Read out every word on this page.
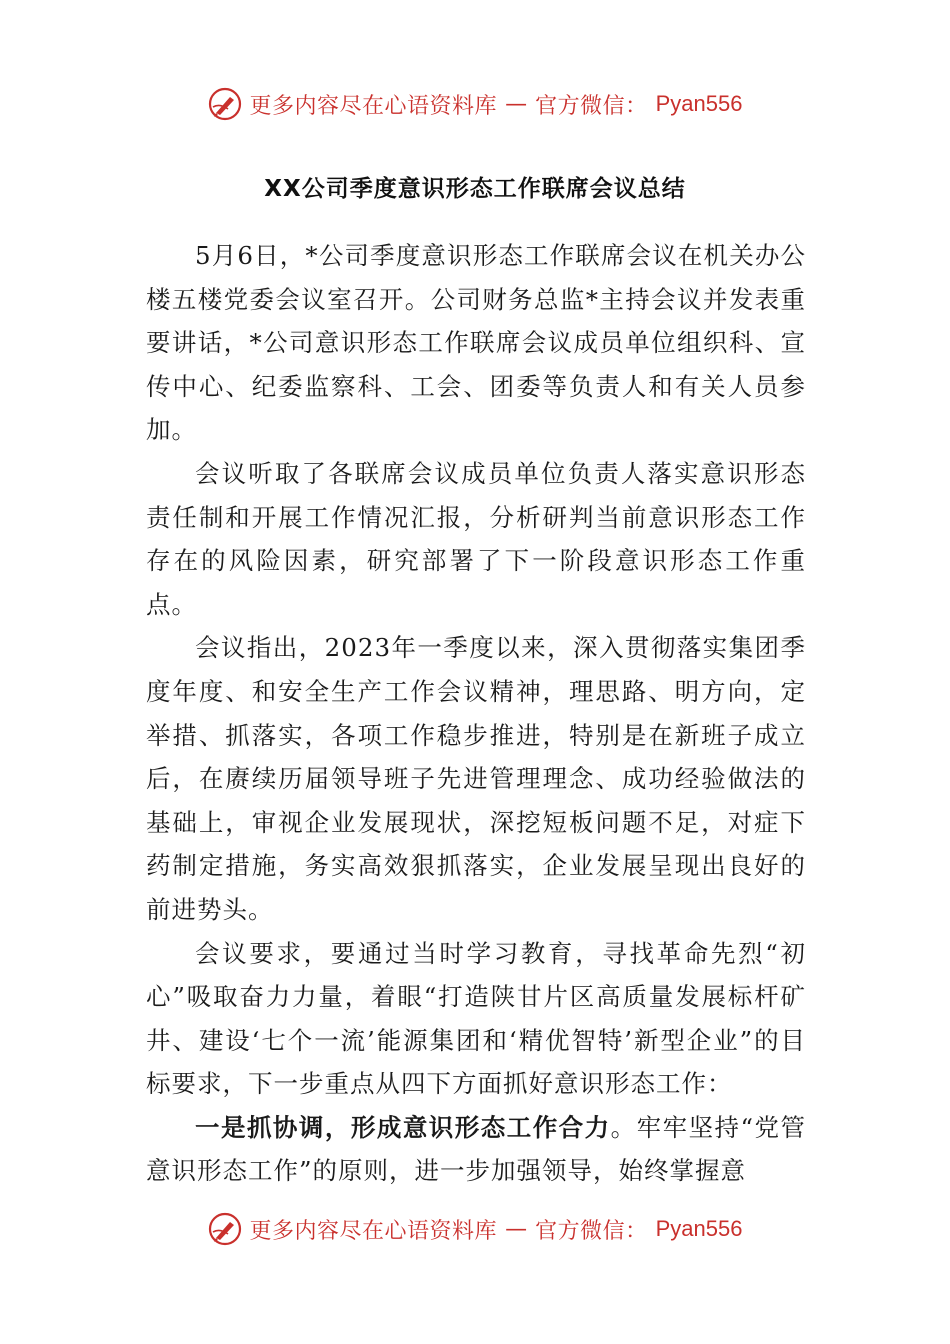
更多内容尽在心语资料库 — 官方微信： Pyan556
XX公司季度意识形态工作联席会议总结

5月6日，*公司季度意识形态工作联席会议在机关办公楼五楼党委会议室召开。公司财务总监*主持会议并发表重要讲话，*公司意识形态工作联席会议成员单位组织科、宣传中心、纪委监察科、工会、团委等负责人和有关人员参加。

会议听取了各联席会议成员单位负责人落实意识形态责任制和开展工作情况汇报，分析研判当前意识形态工作存在的风险因素，研究部署了下一阶段意识形态工作重点。

会议指出，2023年一季度以来，深入贯彻落实集团季度年度、和安全生产工作会议精神，理思路、明方向，定举措、抓落实，各项工作稳步推进，特别是在新班子成立后，在赓续历届领导班子先进管理理念、成功经验做法的基础上，审视企业发展现状，深挖短板问题不足，对症下药制定措施，务实高效狠抓落实，企业发展呈现出良好的前进势头。

会议要求，要通过当时学习教育，寻找革命先烈“初心”吸取奋力力量，着眼“打造陕甘片区高质量发展标杆矿井、建设‘七个一流’能源集团和‘精优智特’新型企业”的目标要求，下一步重点从四下方面抓好意识形态工作：

一是抓协调，形成意识形态工作合力。牢牢坚持“党管意识形态工作”的原则，进一步加强领导，始终掌握意

更多内容尽在心语资料库 — 官方微信： Pyan556
